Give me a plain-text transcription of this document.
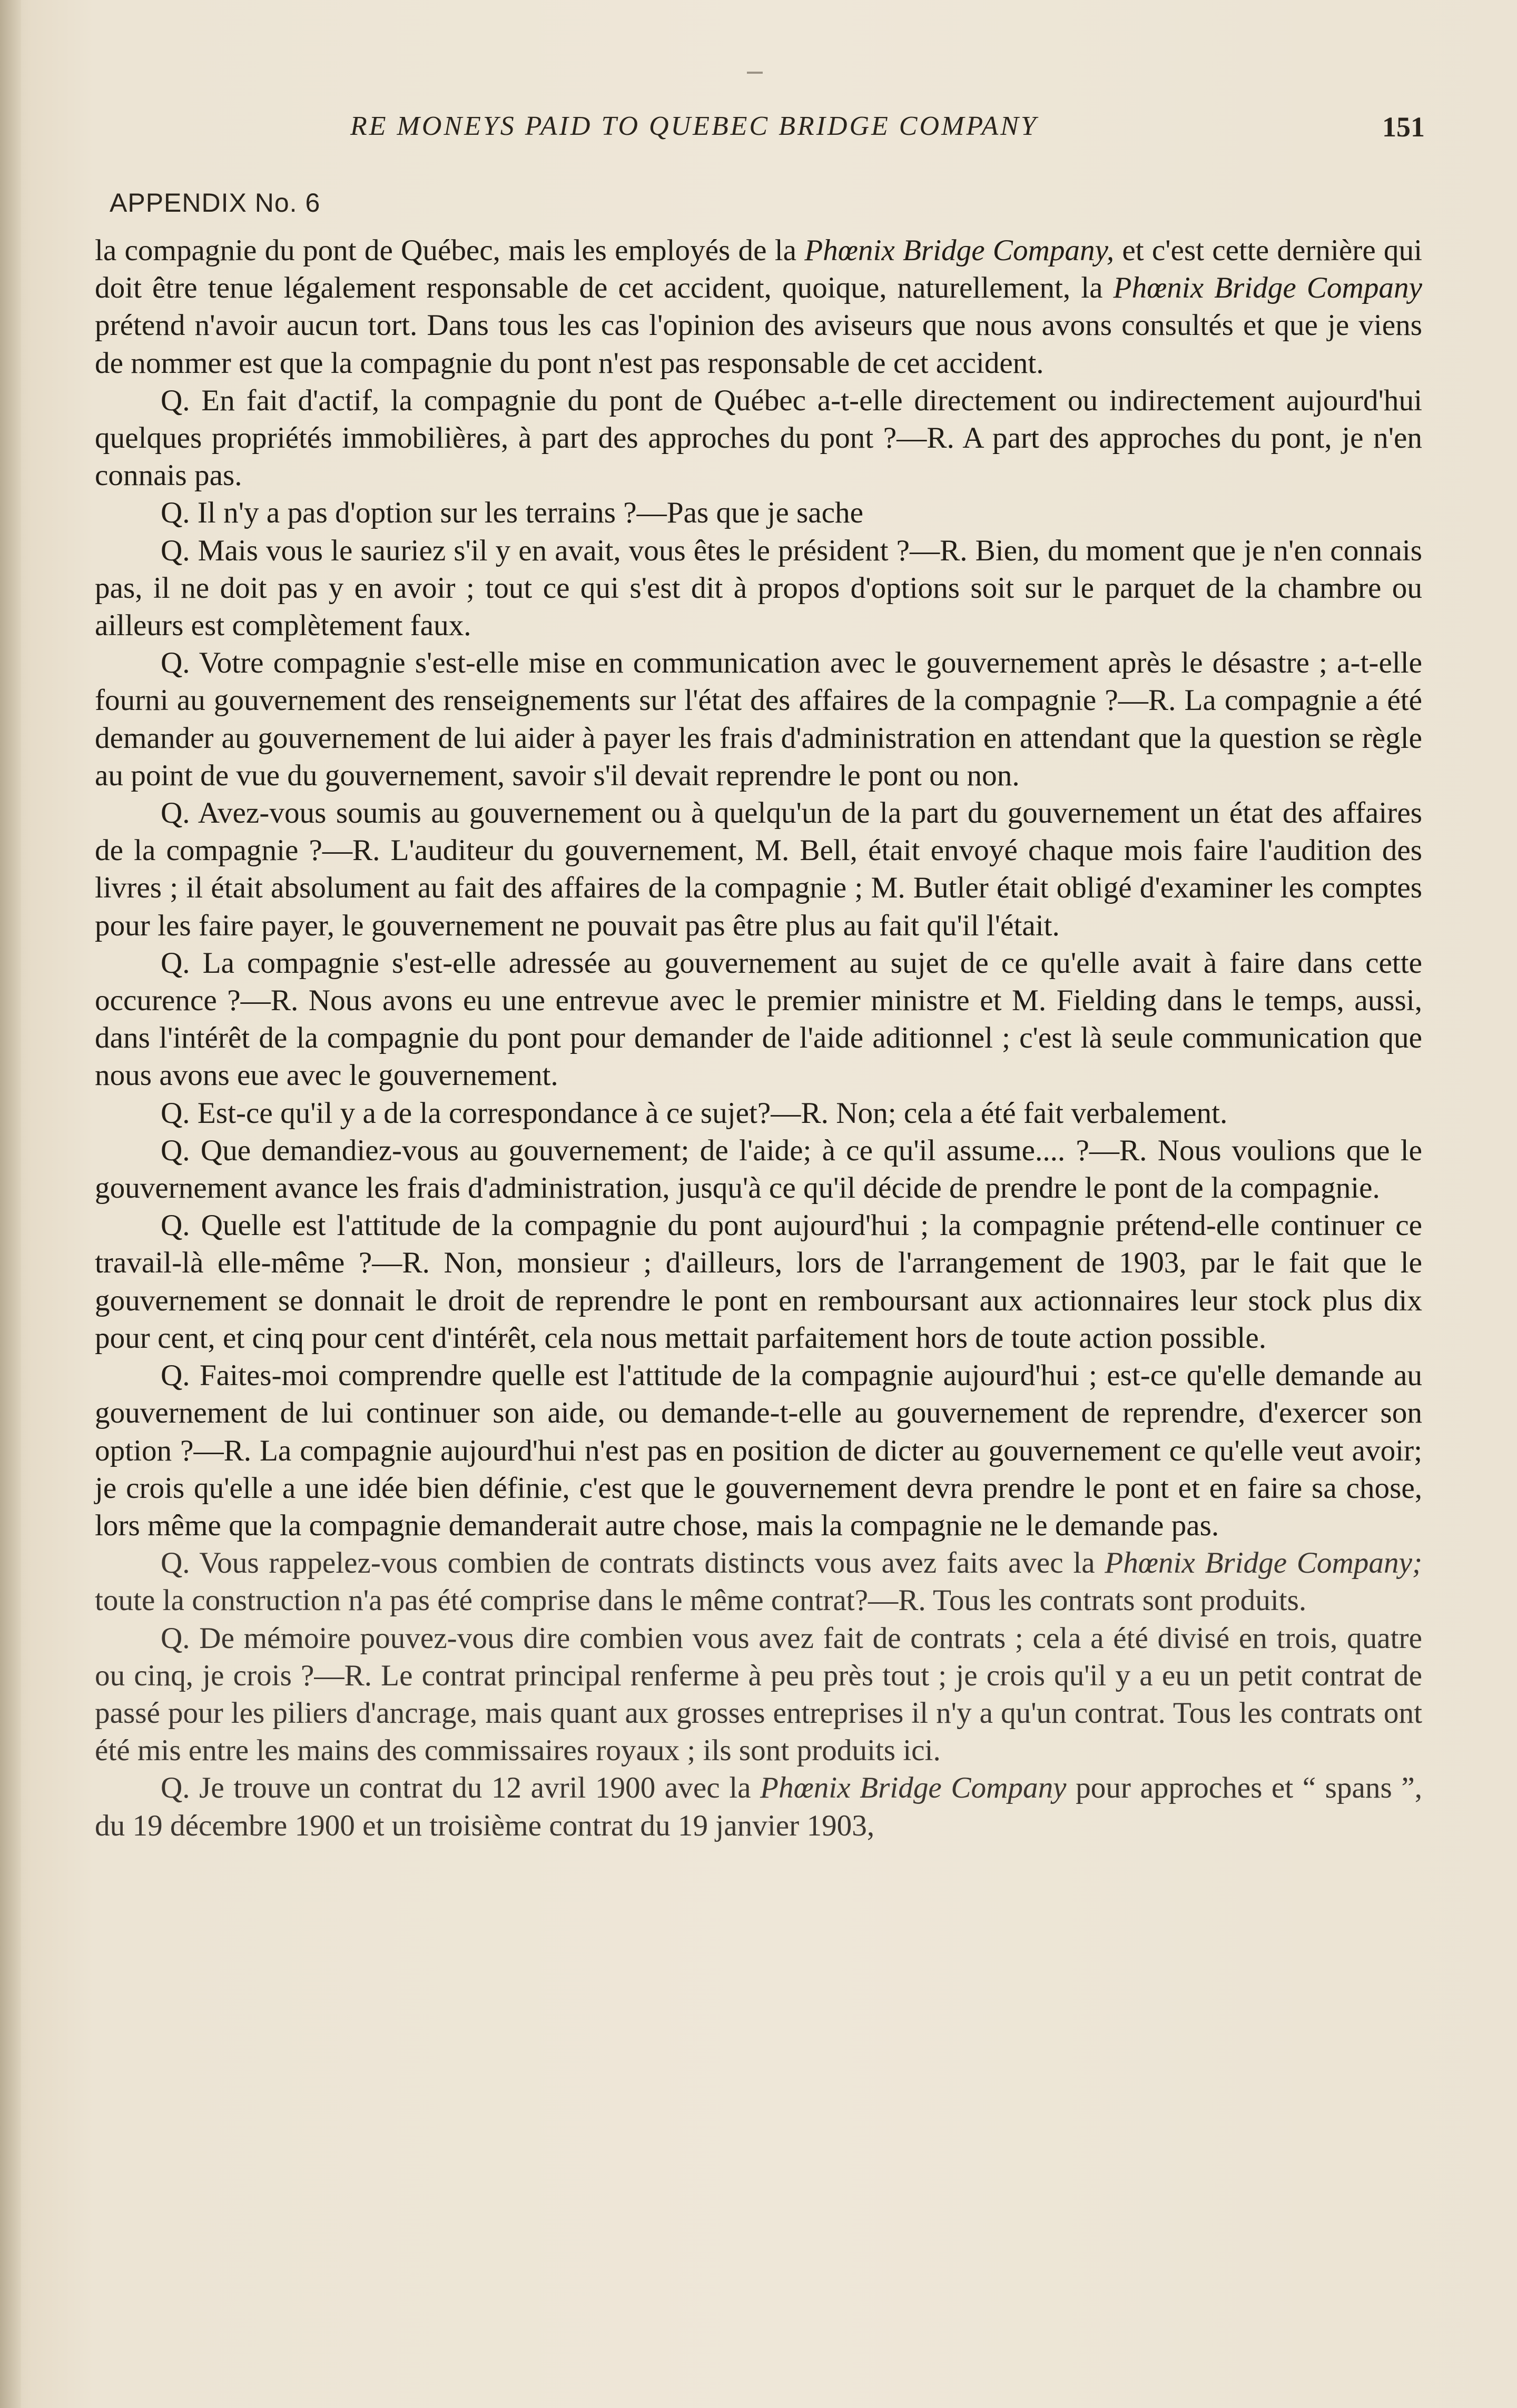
RE MONEYS PAID TO QUEBEC BRIDGE COMPANY	151
APPENDIX No. 6

la compagnie du pont de Québec, mais les employés de la Phœnix Bridge Company, et c'est cette dernière qui doit être tenue légalement responsable de cet accident, quoique, naturellement, la Phœnix Bridge Company prétend n'avoir aucun tort. Dans tous les cas l'opinion des aviseurs que nous avons consultés et que je viens de nommer est que la compagnie du pont n'est pas responsable de cet accident.

Q. En fait d'actif, la compagnie du pont de Québec a-t-elle directement ou indirectement aujourd'hui quelques propriétés immobilières, à part des approches du pont ?—R. A part des approches du pont, je n'en connais pas.

Q. Il n'y a pas d'option sur les terrains ?—Pas que je sache

Q. Mais vous le sauriez s'il y en avait, vous êtes le président ?—R. Bien, du moment que je n'en connais pas, il ne doit pas y en avoir ; tout ce qui s'est dit à propos d'options soit sur le parquet de la chambre ou ailleurs est complètement faux.

Q. Votre compagnie s'est-elle mise en communication avec le gouvernement après le désastre ; a-t-elle fourni au gouvernement des renseignements sur l'état des affaires de la compagnie ?—R. La compagnie a été demander au gouvernement de lui aider à payer les frais d'administration en attendant que la question se règle au point de vue du gouvernement, savoir s'il devait reprendre le pont ou non.

Q. Avez-vous soumis au gouvernement ou à quelqu'un de la part du gouvernement un état des affaires de la compagnie ?—R. L'auditeur du gouvernement, M. Bell, était envoyé chaque mois faire l'audition des livres ; il était absolument au fait des affaires de la compagnie ; M. Butler était obligé d'examiner les comptes pour les faire payer, le gouvernement ne pouvait pas être plus au fait qu'il l'était.

Q. La compagnie s'est-elle adressée au gouvernement au sujet de ce qu'elle avait à faire dans cette occurence ?—R. Nous avons eu une entrevue avec le premier ministre et M. Fielding dans le temps, aussi, dans l'intérêt de la compagnie du pont pour demander de l'aide aditionnel ; c'est là seule communication que nous avons eue avec le gouvernement.

Q. Est-ce qu'il y a de la correspondance à ce sujet?—R. Non; cela a été fait verbalement.

Q. Que demandiez-vous au gouvernement; de l'aide; à ce qu'il assume.... ?—R. Nous voulions que le gouvernement avance les frais d'administration, jusqu'à ce qu'il décide de prendre le pont de la compagnie.

Q. Quelle est l'attitude de la compagnie du pont aujourd'hui ; la compagnie prétend-elle continuer ce travail-là elle-même ?—R. Non, monsieur ; d'ailleurs, lors de l'arrangement de 1903, par le fait que le gouvernement se donnait le droit de reprendre le pont en remboursant aux actionnaires leur stock plus dix pour cent, et cinq pour cent d'intérêt, cela nous mettait parfaitement hors de toute action possible.

Q. Faites-moi comprendre quelle est l'attitude de la compagnie aujourd'hui ; est-ce qu'elle demande au gouvernement de lui continuer son aide, ou demande-t-elle au gouvernement de reprendre, d'exercer son option ?—R. La compagnie aujourd'hui n'est pas en position de dicter au gouvernement ce qu'elle veut avoir; je crois qu'elle a une idée bien définie, c'est que le gouvernement devra prendre le pont et en faire sa chose, lors même que la compagnie demanderait autre chose, mais la compagnie ne le demande pas.

Q. Vous rappelez-vous combien de contrats distincts vous avez faits avec la Phœnix Bridge Company; toute la construction n'a pas été comprise dans le même contrat?—R. Tous les contrats sont produits.

Q. De mémoire pouvez-vous dire combien vous avez fait de contrats ; cela a été divisé en trois, quatre ou cinq, je crois ?—R. Le contrat principal renferme à peu près tout ; je crois qu'il y a eu un petit contrat de passé pour les piliers d'ancrage, mais quant aux grosses entreprises il n'y a qu'un contrat. Tous les contrats ont été mis entre les mains des commissaires royaux ; ils sont produits ici.

Q. Je trouve un contrat du 12 avril 1900 avec la Phœnix Bridge Company pour approches et “ spans ”, du 19 décembre 1900 et un troisième contrat du 19 janvier 1903,
